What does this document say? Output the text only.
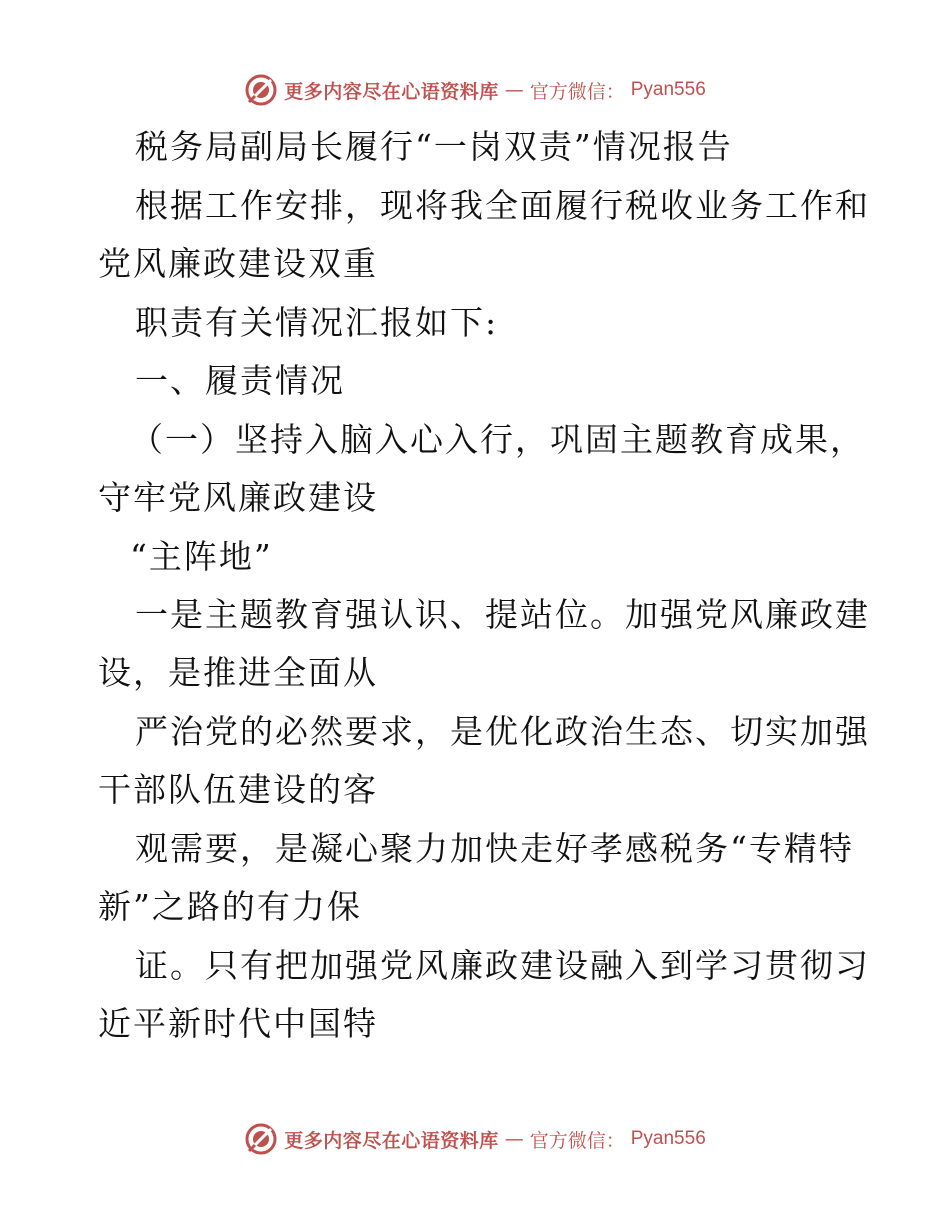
更多内容尽在心语资料库 — 官方微信： Pyan556
税务局副局长履行“一岗双责”情况报告
根据工作安排，现将我全面履行税收业务工作和
党风廉政建设双重
职责有关情况汇报如下:
一、履责情况
（一）坚持入脑入心入行，巩固主题教育成果，
守牢党风廉政建设
“主阵地”
一是主题教育强认识、提站位。加强党风廉政建
设，是推进全面从
严治党的必然要求，是优化政治生态、切实加强
干部队伍建设的客
观需要，是凝心聚力加快走好孝感税务“专精特
新”之路的有力保
证。只有把加强党风廉政建设融入到学习贯彻习
近平新时代中国特
更多内容尽在心语资料库 — 官方微信： Pyan556
